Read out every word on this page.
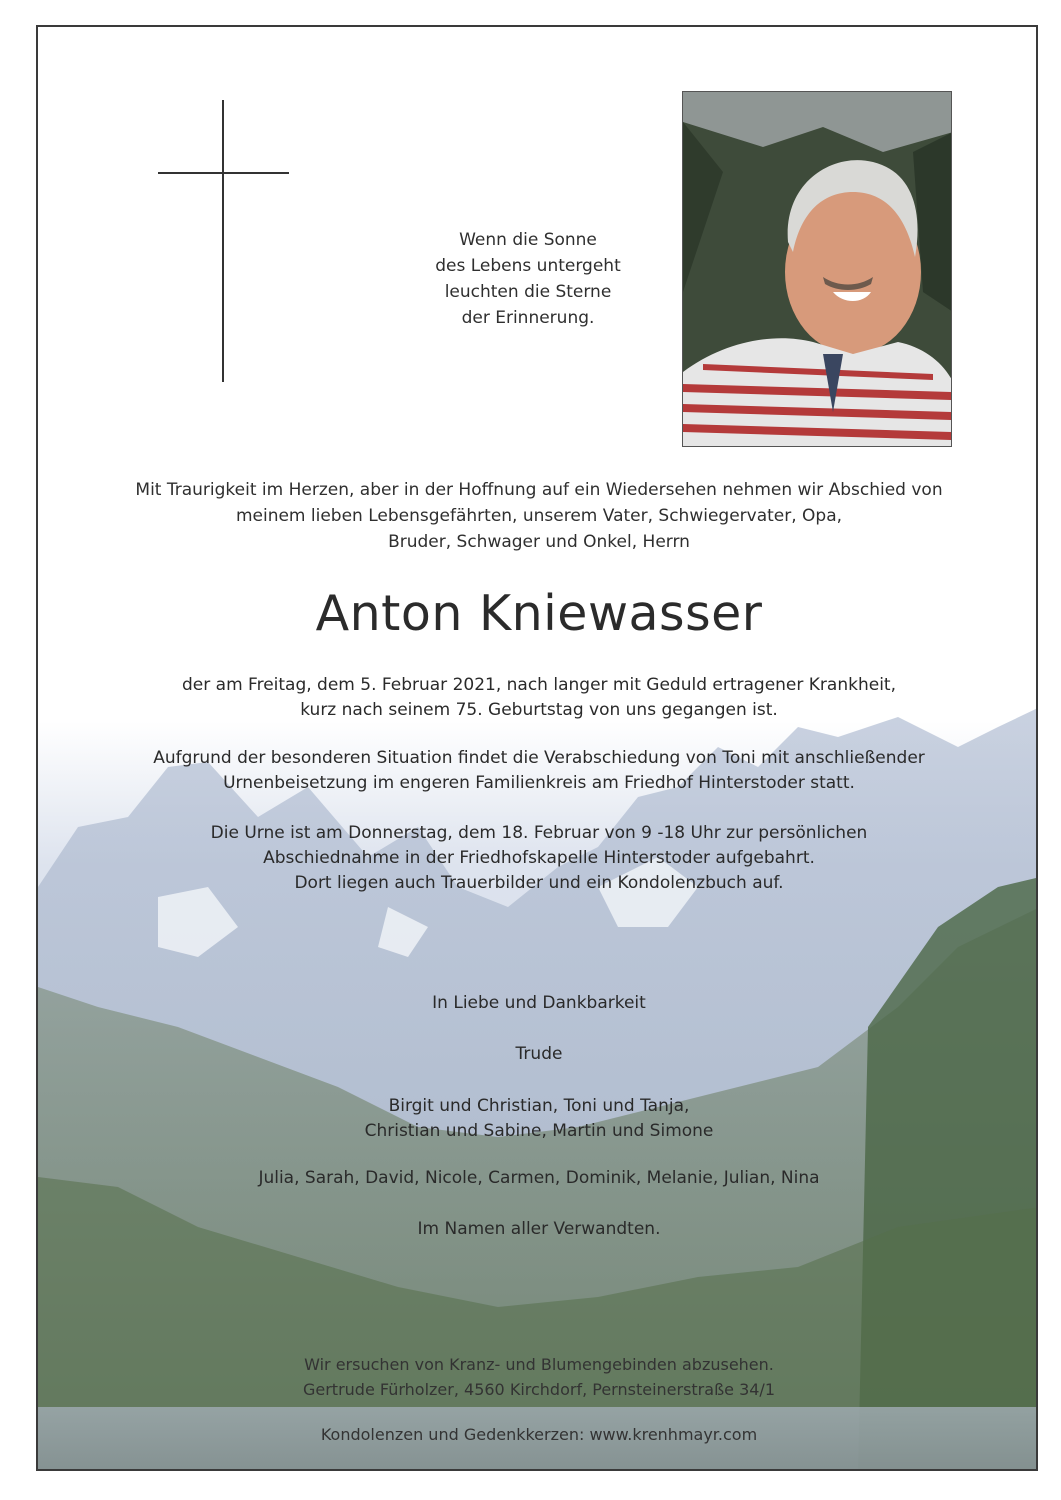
Wenn die Sonne
des Lebens untergeht
leuchten die Sterne
der Erinnerung.
Mit Traurigkeit im Herzen, aber in der Hoffnung auf ein Wiedersehen nehmen wir Abschied von
meinem lieben Lebensgefährten, unserem Vater, Schwiegervater, Opa,
Bruder, Schwager und Onkel, Herrn
Anton Kniewasser
der am Freitag, dem 5. Februar 2021, nach langer mit Geduld ertragener Krankheit,
kurz nach seinem 75. Geburtstag von uns gegangen ist.
Aufgrund der besonderen Situation findet die Verabschiedung von Toni mit anschließender
Urnenbeisetzung im engeren Familienkreis am Friedhof Hinterstoder statt.
Die Urne ist am Donnerstag, dem 18. Februar von 9 -18 Uhr zur persönlichen
Abschiednahme in der Friedhofskapelle Hinterstoder aufgebahrt.
Dort liegen auch Trauerbilder und ein Kondolenzbuch auf.
In Liebe und Dankbarkeit
Trude
Birgit und Christian, Toni und Tanja,
Christian und Sabine, Martin und Simone
Julia, Sarah, David, Nicole, Carmen, Dominik, Melanie, Julian, Nina
Im Namen aller Verwandten.
Wir ersuchen von Kranz- und Blumengebinden abzusehen.
Gertrude Fürholzer, 4560 Kirchdorf, Pernsteinerstraße 34/1
Kondolenzen und Gedenkkerzen: www.krenhmayr.com
